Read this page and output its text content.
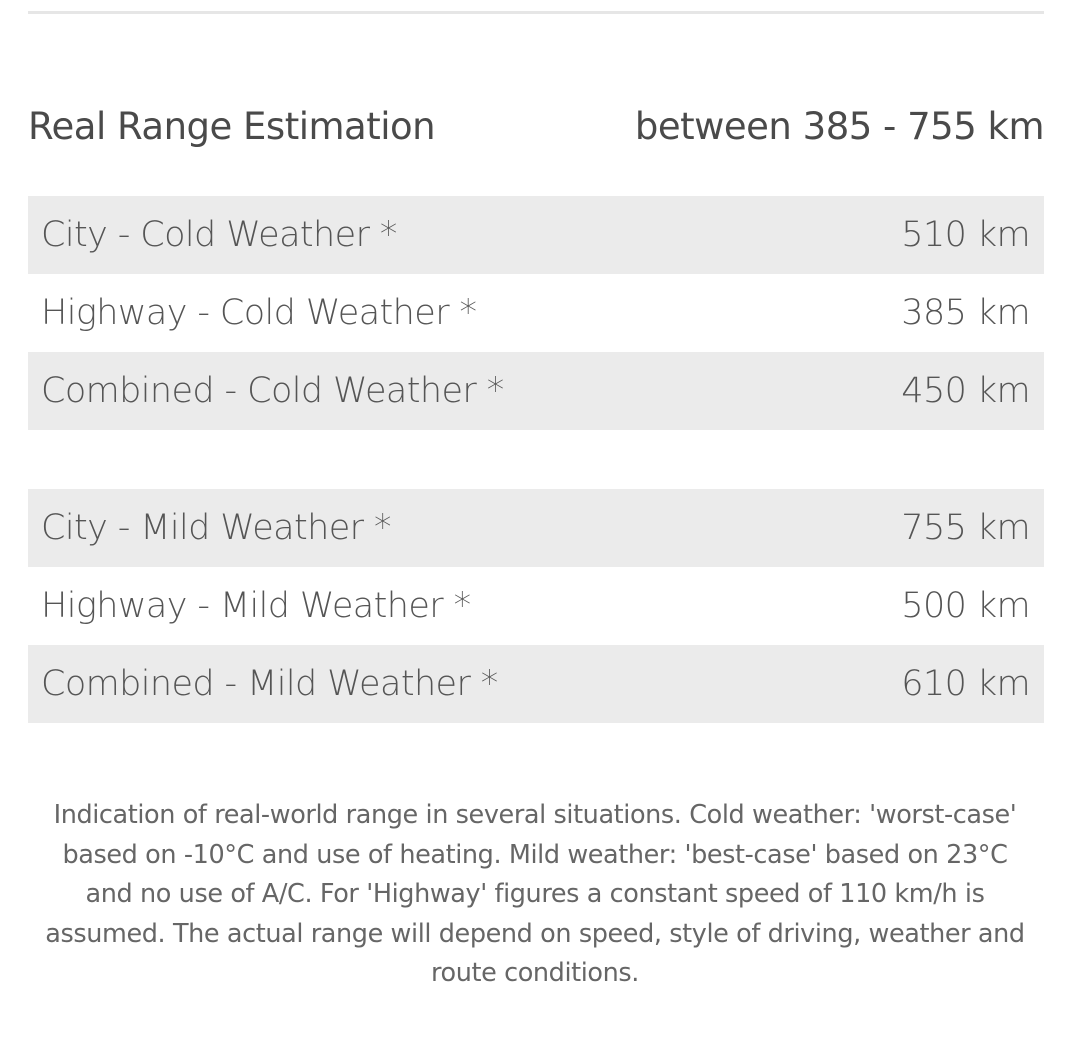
Real Range Estimation	between 385 - 755 km
City - Cold Weather *	510 km
Highway - Cold Weather *	385 km
Combined - Cold Weather *	450 km
City - Mild Weather *	755 km
Highway - Mild Weather *	500 km
Combined - Mild Weather *	610 km
Indication of real-world range in several situations. Cold weather: 'worst-case' based on -10°C and use of heating. Mild weather: 'best-case' based on 23°C and no use of A/C. For 'Highway' figures a constant speed of 110 km/h is assumed. The actual range will depend on speed, style of driving, weather and route conditions.
